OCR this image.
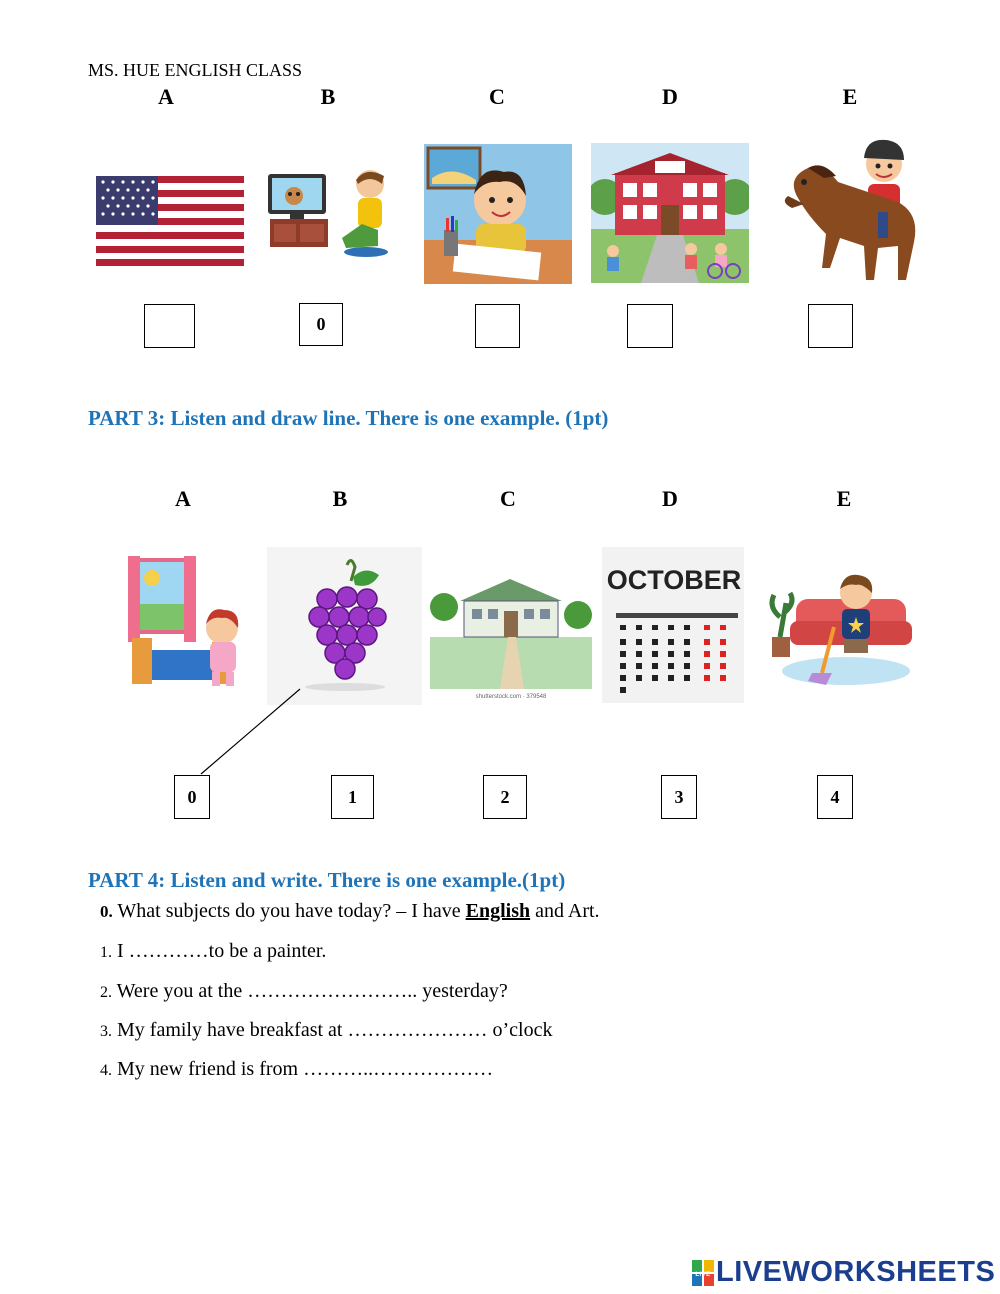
MS. HUE ENGLISH CLASS
A	B	C	D	E
0
PART 3: Listen and draw line. There is one example. (1pt)
A	B	C	D	E
shutterstock.com · 379548
OCTOBER
0	1	2	3	4
PART 4: Listen and write. There is one example.(1pt)
0. What subjects do you have today? – I have English and Art.
1. I …………to be a painter.
2. Were you at the …………………….. yesterday?
3. My family have breakfast at ………………… o’clock
4. My new friend is from ………..………………
LIVE LIVEWORKSHEETS
